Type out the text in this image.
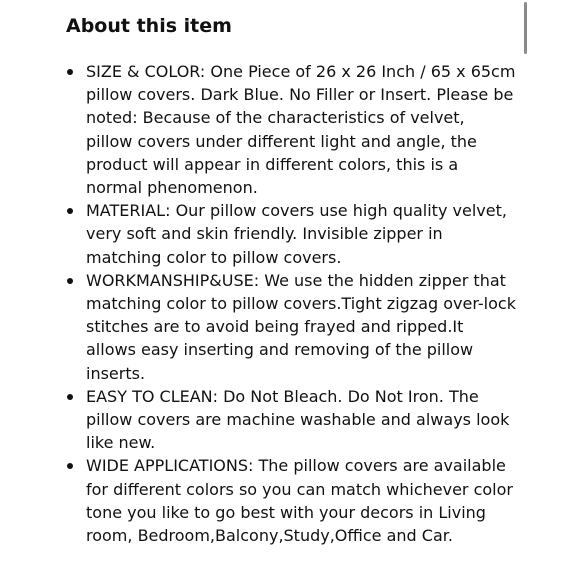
About this item
SIZE & COLOR: One Piece of 26 x 26 Inch / 65 x 65cm pillow covers. Dark Blue. No Filler or Insert. Please be noted: Because of the characteristics of velvet,  pillow covers under different light and angle, the product will appear in different colors, this is a normal phenomenon.
MATERIAL: Our pillow covers use high quality velvet, very soft and skin friendly. Invisible zipper in matching color to pillow covers.
WORKMANSHIP&USE: We use the hidden zipper that matching color to pillow covers.Tight zigzag over-lock stitches are to avoid being frayed and ripped.It allows easy inserting and removing of the pillow inserts.
EASY TO CLEAN: Do Not Bleach. Do Not Iron. The pillow covers are machine washable and always look like new.
WIDE APPLICATIONS: The pillow covers are available for different colors so you can match whichever color tone you like to go best with your decors in Living room, Bedroom,Balcony,Study,Office and Car.
